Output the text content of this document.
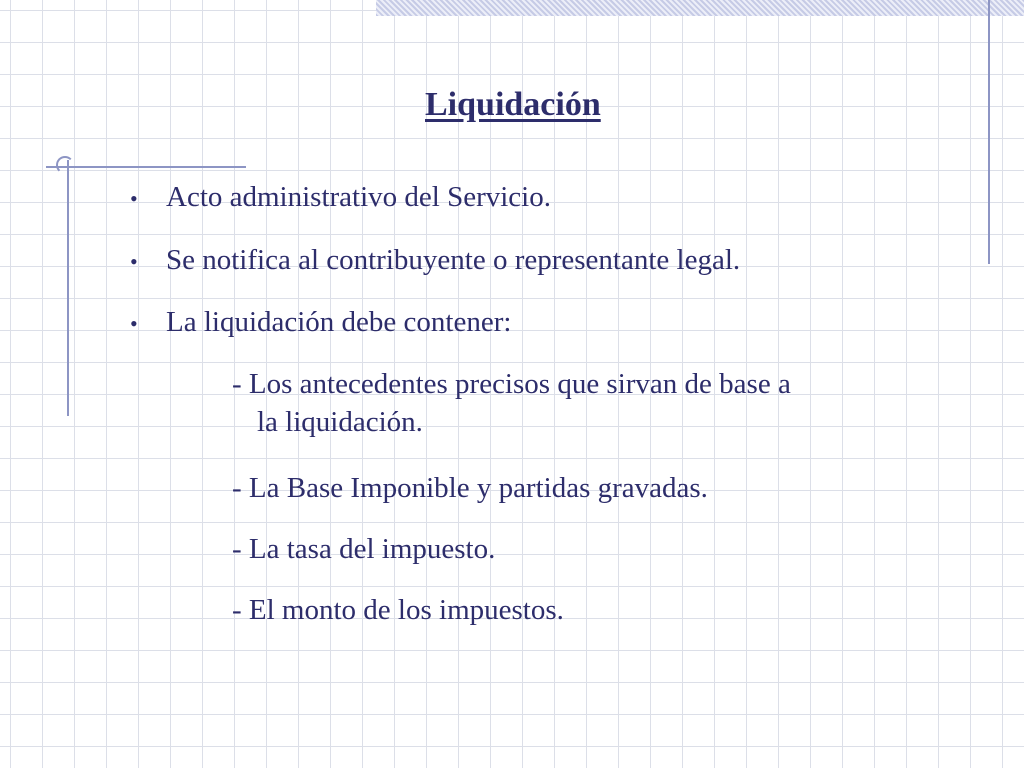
Liquidación
• Acto administrativo del Servicio.

• Se notifica al contribuyente o representante legal.

• La liquidación debe contener:

- Los antecedentes precisos que sirvan de base a

la liquidación.

- La Base Imponible y partidas gravadas.

- La tasa del impuesto.

- El monto de los impuestos.
